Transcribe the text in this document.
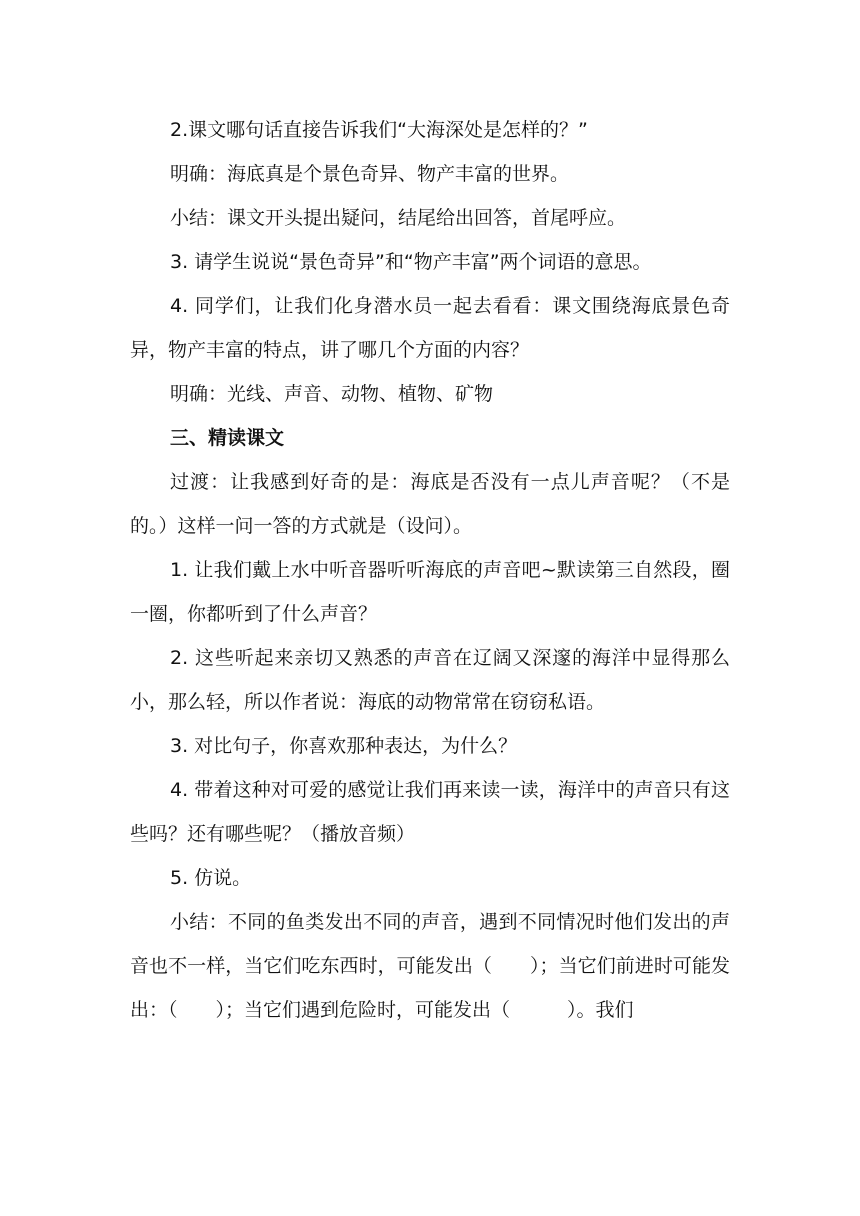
2.课文哪句话直接告诉我们“大海深处是怎样的？”

明确：海底真是个景色奇异、物产丰富的世界。

小结：课文开头提出疑问，结尾给出回答，首尾呼应。

3. 请学生说说“景色奇异”和“物产丰富”两个词语的意思。

4. 同学们，让我们化身潜水员一起去看看：课文围绕海底景色奇异，物产丰富的特点，讲了哪几个方面的内容？

明确：光线、声音、动物、植物、矿物

三、精读课文

过渡：让我感到好奇的是：海底是否没有一点儿声音呢？（不是的。）这样一问一答的方式就是（设问）。

1. 让我们戴上水中听音器听听海底的声音吧~默读第三自然段，圈一圈，你都听到了什么声音？

2. 这些听起来亲切又熟悉的声音在辽阔又深邃的海洋中显得那么小，那么轻，所以作者说：海底的动物常常在窃窃私语。

3. 对比句子，你喜欢那种表达，为什么？

4. 带着这种对可爱的感觉让我们再来读一读，海洋中的声音只有这些吗？还有哪些呢？（播放音频）

5. 仿说。

小结：不同的鱼类发出不同的声音，遇到不同情况时他们发出的声音也不一样，当它们吃东西时，可能发出（　　）；当它们前进时可能发出：（　　）；当它们遇到危险时，可能发出（　　　）。我们
